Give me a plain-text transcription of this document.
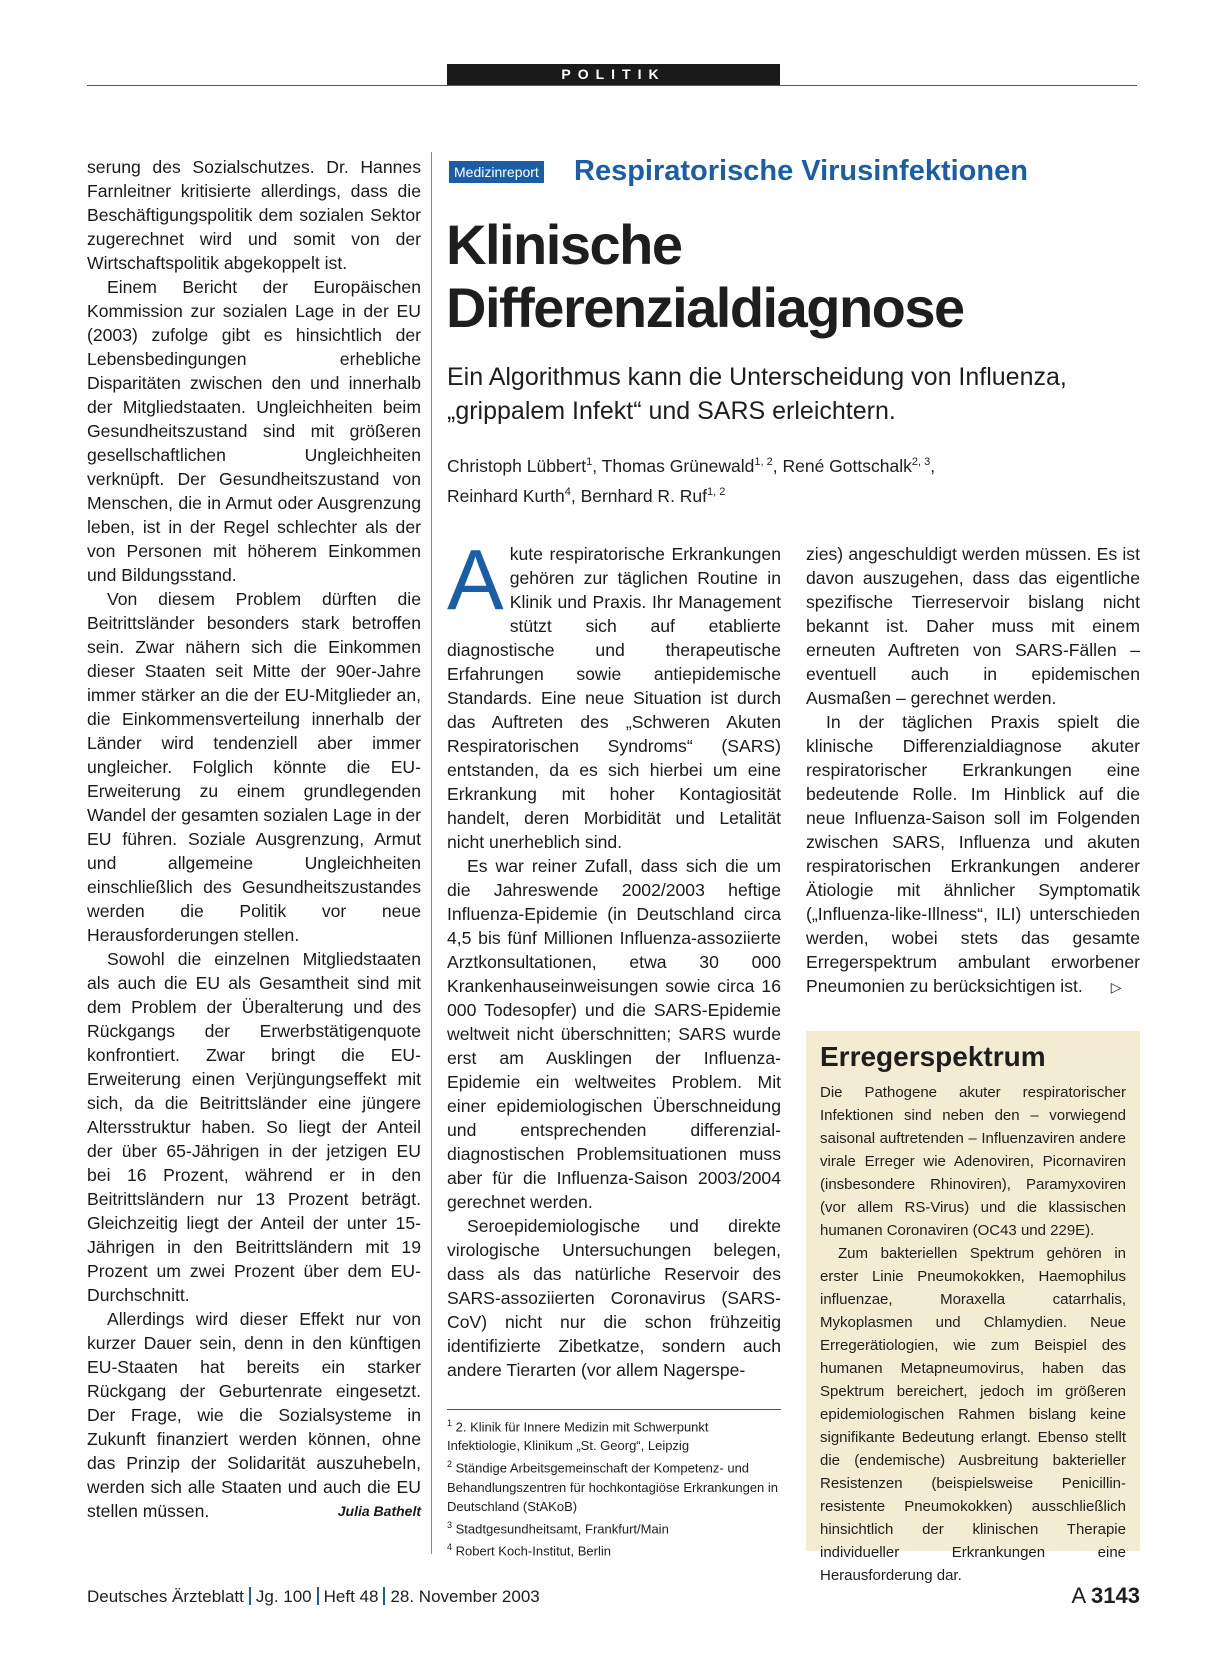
POLITIK

serung des Sozialschutzes. Dr. Hannes Farnleitner kritisierte allerdings, dass die Beschäftigungspolitik dem sozialen Sektor zugerechnet wird und somit von der Wirtschaftspolitik abgekoppelt ist.

Einem Bericht der Europäischen Kommission zur sozialen Lage in der EU (2003) zufolge gibt es hinsichtlich der Lebensbedingungen erhebliche Disparitäten zwischen den und innerhalb der Mitgliedstaaten. Ungleichheiten beim Gesundheitszustand sind mit größeren gesellschaftlichen Ungleichheiten verknüpft. Der Gesundheitszustand von Menschen, die in Armut oder Ausgrenzung leben, ist in der Regel schlechter als der von Personen mit höherem Einkommen und Bildungsstand.

Von diesem Problem dürften die Beitrittsländer besonders stark betroffen sein. Zwar nähern sich die Einkommen dieser Staaten seit Mitte der 90er-Jahre immer stärker an die der EU-Mitglieder an, die Einkommensverteilung innerhalb der Länder wird tendenziell aber immer ungleicher. Folglich könnte die EU-Erweiterung zu einem grundlegenden Wandel der gesamten sozialen Lage in der EU führen. Soziale Ausgrenzung, Armut und allgemeine Ungleichheiten einschließlich des Gesundheitszustandes werden die Politik vor neue Herausforderungen stellen.

Sowohl die einzelnen Mitgliedstaaten als auch die EU als Gesamtheit sind mit dem Problem der Überalterung und des Rückgangs der Erwerbstätigenquote konfrontiert. Zwar bringt die EU-Erweiterung einen Verjüngungseffekt mit sich, da die Beitrittsländer eine jüngere Altersstruktur haben. So liegt der Anteil der über 65-Jährigen in der jetzigen EU bei 16 Prozent, während er in den Beitrittsländern nur 13 Prozent beträgt. Gleichzeitig liegt der Anteil der unter 15-Jährigen in den Beitrittsländern mit 19 Prozent um zwei Prozent über dem EU-Durchschnitt.

Allerdings wird dieser Effekt nur von kurzer Dauer sein, denn in den künftigen EU-Staaten hat bereits ein starker Rückgang der Geburtenrate eingesetzt. Der Frage, wie die Sozialsysteme in Zukunft finanziert werden können, ohne das Prinzip der Solidarität auszuhebeln, werden sich alle Staaten und auch die EU stellen müssen.	Julia Bathelt

Medizinreport Respiratorische Virusinfektionen
Klinische
Differenzialdiagnose
Ein Algorithmus kann die Unterscheidung von Influenza, „grippalem Infekt“ und SARS erleichtern.
Christoph Lübbert$^1$, Thomas Grünewald$^{1, 2}$, René Gottschalk$^{2, 3}$,
Reinhard Kurth$^4$, Bernhard R. Ruf$^{1, 2}$

Akute respiratorische Erkrankungen gehören zur täglichen Routine in Klinik und Praxis. Ihr Management stützt sich auf etablierte diagnostische und therapeutische Erfahrungen sowie antiepidemische Standards. Eine neue Situation ist durch das Auftreten des „Schweren Akuten Respiratorischen Syndroms“ (SARS) entstanden, da es sich hierbei um eine Erkrankung mit hoher Kontagiosität handelt, deren Morbidität und Letalität nicht unerheblich sind.

Es war reiner Zufall, dass sich die um die Jahreswende 2002/2003 heftige Influenza-Epidemie (in Deutschland circa 4,5 bis fünf Millionen Influenza-assoziierte Arztkonsultationen, etwa 30 000 Krankenhauseinweisungen sowie circa 16 000 Todesopfer) und die SARS-Epidemie weltweit nicht überschnitten; SARS wurde erst am Ausklingen der Influenza-Epidemie ein weltweites Problem. Mit einer epidemiologischen Überschneidung und entsprechenden differenzial-diagnostischen Problemsituationen muss aber für die Influenza-Saison 2003/2004 gerechnet werden.

Seroepidemiologische und direkte virologische Untersuchungen belegen, dass als das natürliche Reservoir des SARS-assoziierten Coronavirus (SARS-CoV) nicht nur die schon frühzeitig identifizierte Zibetkatze, sondern auch andere Tierarten (vor allem Nagerspe-

zies) angeschuldigt werden müssen. Es ist davon auszugehen, dass das eigentliche spezifische Tierreservoir bislang nicht bekannt ist. Daher muss mit einem erneuten Auftreten von SARS-Fällen – eventuell auch in epidemischen Ausmaßen – gerechnet werden.

In der täglichen Praxis spielt die klinische Differenzialdiagnose akuter respiratorischer Erkrankungen eine bedeutende Rolle. Im Hinblick auf die neue Influenza-Saison soll im Folgenden zwischen SARS, Influenza und akuten respiratorischen Erkrankungen anderer Ätiologie mit ähnlicher Symptomatik („Influenza-like-Illness“, ILI) unterschieden werden, wobei stets das gesamte Erregerspektrum ambulant erworbener Pneumonien zu berücksichtigen ist. ▷

$^1$ 2. Klinik für Innere Medizin mit Schwerpunkt Infektiologie, Klinikum „St. Georg“, Leipzig
$^2$ Ständige Arbeitsgemeinschaft der Kompetenz- und Behandlungszentren für hochkontagiöse Erkrankungen in Deutschland (StAKoB)
$^3$ Stadtgesundheitsamt, Frankfurt/Main
$^4$ Robert Koch-Institut, Berlin
Erregerspektrum

Die Pathogene akuter respiratorischer Infektionen sind neben den – vorwiegend saisonal auftretenden – Influenzaviren andere virale Erreger wie Adenoviren, Picornaviren (insbesondere Rhinoviren), Paramyxoviren (vor allem RS-Virus) und die klassischen humanen Coronaviren (OC43 und 229E).

Zum bakteriellen Spektrum gehören in erster Linie Pneumokokken, Haemophilus influenzae, Moraxella catarrhalis, Mykoplasmen und Chlamydien. Neue Erregerätiologien, wie zum Beispiel des humanen Metapneumovirus, haben das Spektrum bereichert, jedoch im größeren epidemiologischen Rahmen bislang keine signifikante Bedeutung erlangt. Ebenso stellt die (endemische) Ausbreitung bakterieller Resistenzen (beispielsweise Penicillin-resistente Pneumokokken) ausschließlich hinsichtlich der klinischen Therapie individueller Erkrankungen eine Herausforderung dar.

Deutsches Ärzteblatt Jg. 100 Heft 48 28. November 2003	A 3143
